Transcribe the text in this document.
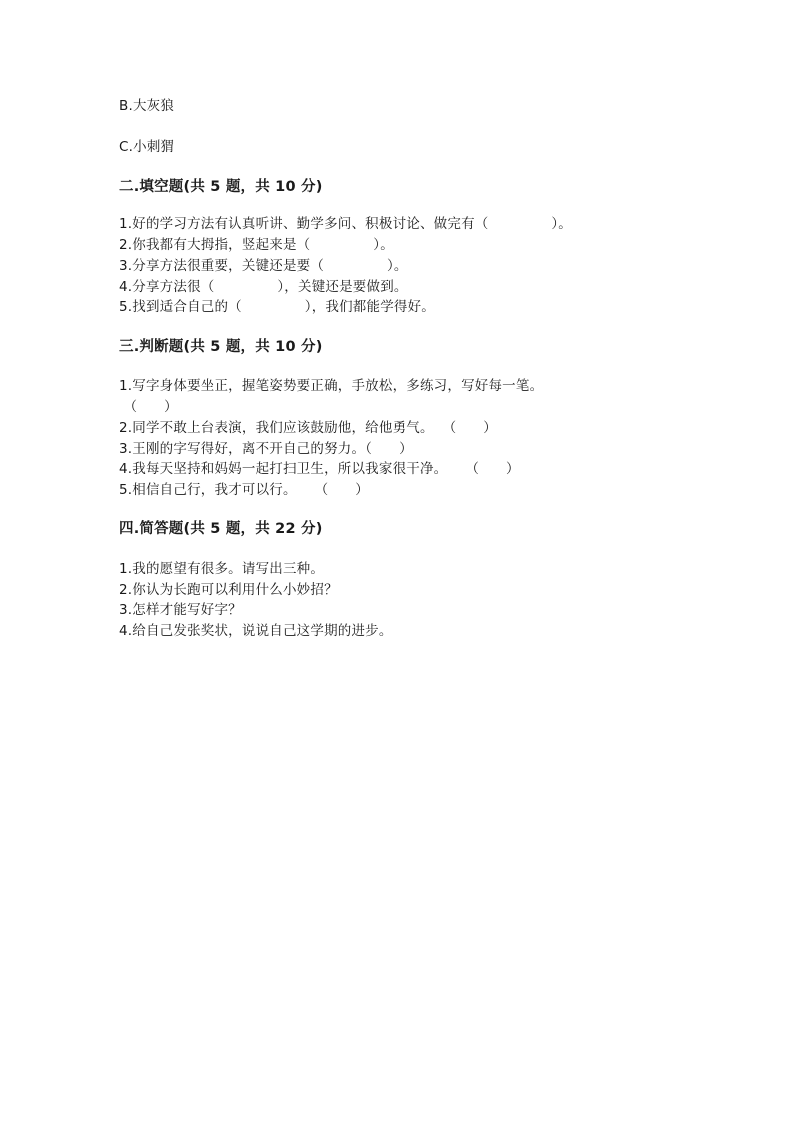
B.大灰狼
C.小刺猬
二.填空题(共 5 题，共 10 分)
1.好的学习方法有认真听讲、勤学多问、积极讨论、做完有（              ）。
2.你我都有大拇指，竖起来是（              ）。
3.分享方法很重要，关键还是要（              ）。
4.分享方法很（              ），关键还是要做到。
5.找到适合自己的（              ），我们都能学得好。
三.判断题(共 5 题，共 10 分)
1.写字身体要坐正，握笔姿势要正确，手放松，多练习，写好每一笔。
（      ）
2.同学不敢上台表演，我们应该鼓励他，给他勇气。  （      ）
3.王刚的字写得好，离不开自己的努力。（      ）
4.我每天坚持和妈妈一起打扫卫生，所以我家很干净。    （      ）
5.相信自己行，我才可以行。    （      ）
四.简答题(共 5 题，共 22 分)
1.我的愿望有很多。请写出三种。
2.你认为长跑可以利用什么小妙招？
3.怎样才能写好字？
4.给自己发张奖状，说说自己这学期的进步。
